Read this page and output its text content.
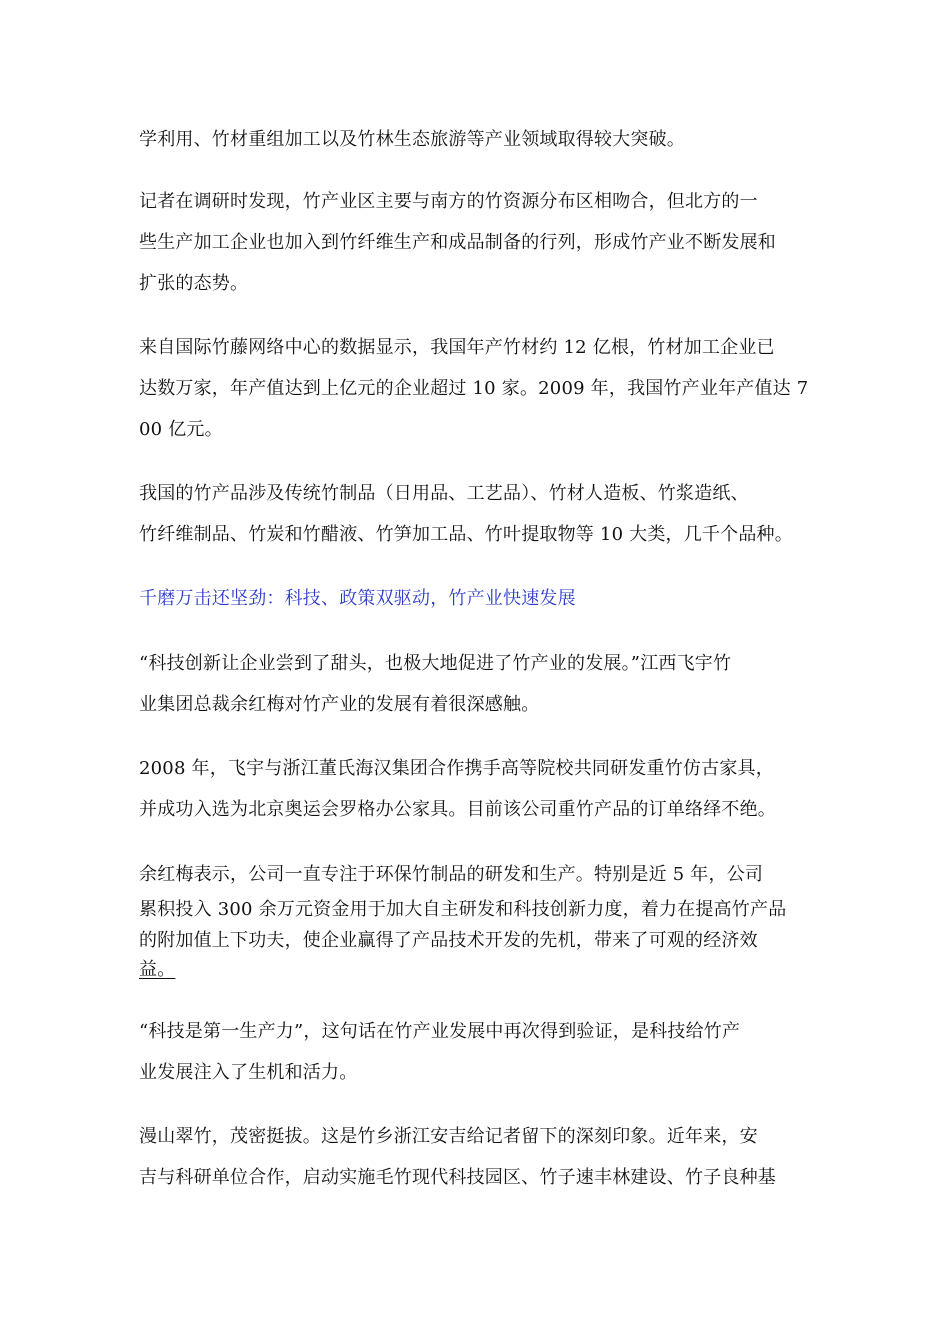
学利用、竹材重组加工以及竹林生态旅游等产业领域取得较大突破。
记者在调研时发现，竹产业区主要与南方的竹资源分布区相吻合，但北方的一
些生产加工企业也加入到竹纤维生产和成品制备的行列，形成竹产业不断发展和
扩张的态势。
来自国际竹藤网络中心的数据显示，我国年产竹材约 12 亿根，竹材加工企业已
达数万家，年产值达到上亿元的企业超过 10 家。2009 年，我国竹产业年产值达 7
00 亿元。
我国的竹产品涉及传统竹制品（日用品、工艺品）、竹材人造板、竹浆造纸、
竹纤维制品、竹炭和竹醋液、竹笋加工品、竹叶提取物等 10 大类，几千个品种。
千磨万击还坚劲：科技、政策双驱动，竹产业快速发展
“科技创新让企业尝到了甜头，也极大地促进了竹产业的发展。”江西飞宇竹
业集团总裁余红梅对竹产业的发展有着很深感触。
2008 年，飞宇与浙江董氏海汉集团合作携手高等院校共同研发重竹仿古家具，
并成功入选为北京奥运会罗格办公家具。目前该公司重竹产品的订单络绎不绝。
余红梅表示，公司一直专注于环保竹制品的研发和生产。特别是近 5 年，公司
累积投入 300 余万元资金用于加大自主研发和科技创新力度，着力在提高竹产品
的附加值上下功夫，使企业赢得了产品技术开发的先机，带来了可观的经济效
益。
“科技是第一生产力”，这句话在竹产业发展中再次得到验证，是科技给竹产
业发展注入了生机和活力。
漫山翠竹，茂密挺拔。这是竹乡浙江安吉给记者留下的深刻印象。近年来，安
吉与科研单位合作，启动实施毛竹现代科技园区、竹子速丰林建设、竹子良种基
